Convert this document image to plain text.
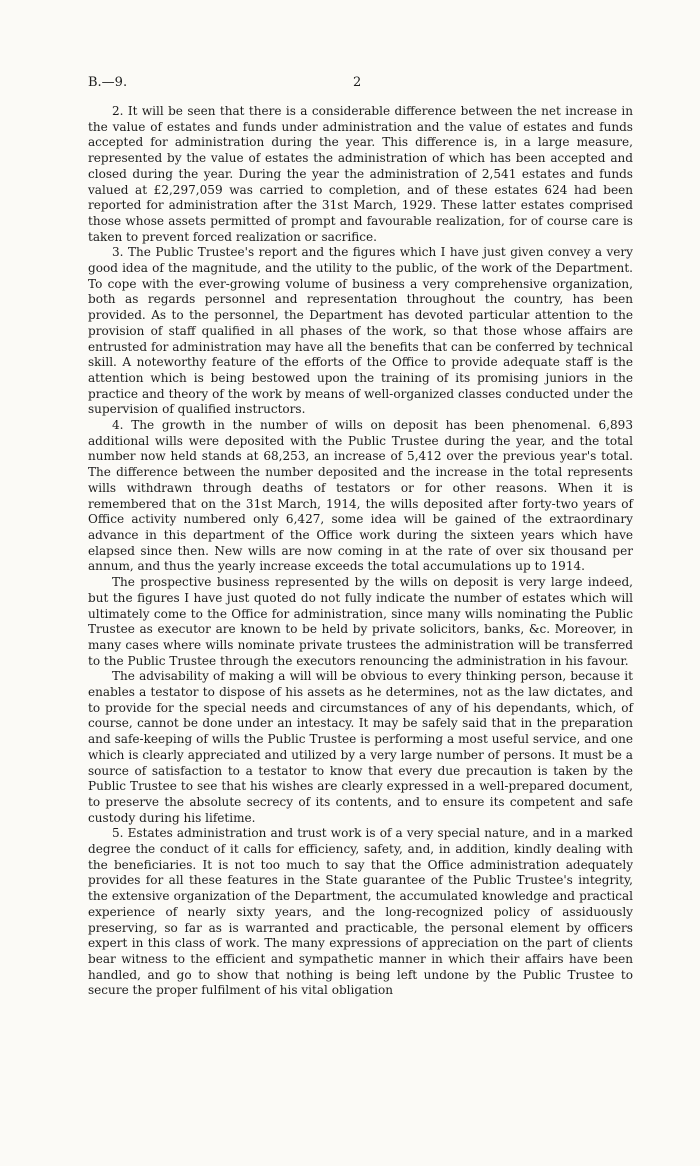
B.—9.	2

2. It will be seen that there is a considerable difference between the net increase in the value of estates and funds under administration and the value of estates and funds accepted for administration during the year. This difference is, in a large measure, represented by the value of estates the administration of which has been accepted and closed during the year. During the year the administration of 2,541 estates and funds valued at £2,297,059 was carried to completion, and of these estates 624 had been reported for administration after the 31st March, 1929. These latter estates comprised those whose assets permitted of prompt and favourable realization, for of course care is taken to prevent forced realization or sacrifice.

3. The Public Trustee's report and the figures which I have just given convey a very good idea of the magnitude, and the utility to the public, of the work of the Department. To cope with the ever-growing volume of business a very comprehensive organization, both as regards personnel and representation throughout the country, has been provided. As to the personnel, the Department has devoted particular attention to the provision of staff qualified in all phases of the work, so that those whose affairs are entrusted for administration may have all the benefits that can be conferred by technical skill. A noteworthy feature of the efforts of the Office to provide adequate staff is the attention which is being bestowed upon the training of its promising juniors in the practice and theory of the work by means of well-organized classes conducted under the supervision of qualified instructors.

4. The growth in the number of wills on deposit has been phenomenal. 6,893 additional wills were deposited with the Public Trustee during the year, and the total number now held stands at 68,253, an increase of 5,412 over the previous year's total. The difference between the number deposited and the increase in the total represents wills withdrawn through deaths of testators or for other reasons. When it is remembered that on the 31st March, 1914, the wills deposited after forty-two years of Office activity numbered only 6,427, some idea will be gained of the extraordinary advance in this department of the Office work during the sixteen years which have elapsed since then. New wills are now coming in at the rate of over six thousand per annum, and thus the yearly increase exceeds the total accumulations up to 1914.

The prospective business represented by the wills on deposit is very large indeed, but the figures I have just quoted do not fully indicate the number of estates which will ultimately come to the Office for administration, since many wills nominating the Public Trustee as executor are known to be held by private solicitors, banks, &c. Moreover, in many cases where wills nominate private trustees the administration will be transferred to the Public Trustee through the executors renouncing the administration in his favour.

The advisability of making a will will be obvious to every thinking person, because it enables a testator to dispose of his assets as he determines, not as the law dictates, and to provide for the special needs and circumstances of any of his dependants, which, of course, cannot be done under an intestacy. It may be safely said that in the preparation and safe-keeping of wills the Public Trustee is performing a most useful service, and one which is clearly appreciated and utilized by a very large number of persons. It must be a source of satisfaction to a testator to know that every due precaution is taken by the Public Trustee to see that his wishes are clearly expressed in a well-prepared document, to preserve the absolute secrecy of its contents, and to ensure its competent and safe custody during his lifetime.

5. Estates administration and trust work is of a very special nature, and in a marked degree the conduct of it calls for efficiency, safety, and, in addition, kindly dealing with the beneficiaries. It is not too much to say that the Office administration adequately provides for all these features in the State guarantee of the Public Trustee's integrity, the extensive organization of the Department, the accumulated knowledge and practical experience of nearly sixty years, and the long-recognized policy of assiduously preserving, so far as is warranted and practicable, the personal element by officers expert in this class of work. The many expressions of appreciation on the part of clients bear witness to the efficient and sympathetic manner in which their affairs have been handled, and go to show that nothing is being left undone by the Public Trustee to secure the proper fulfilment of his vital obligation
